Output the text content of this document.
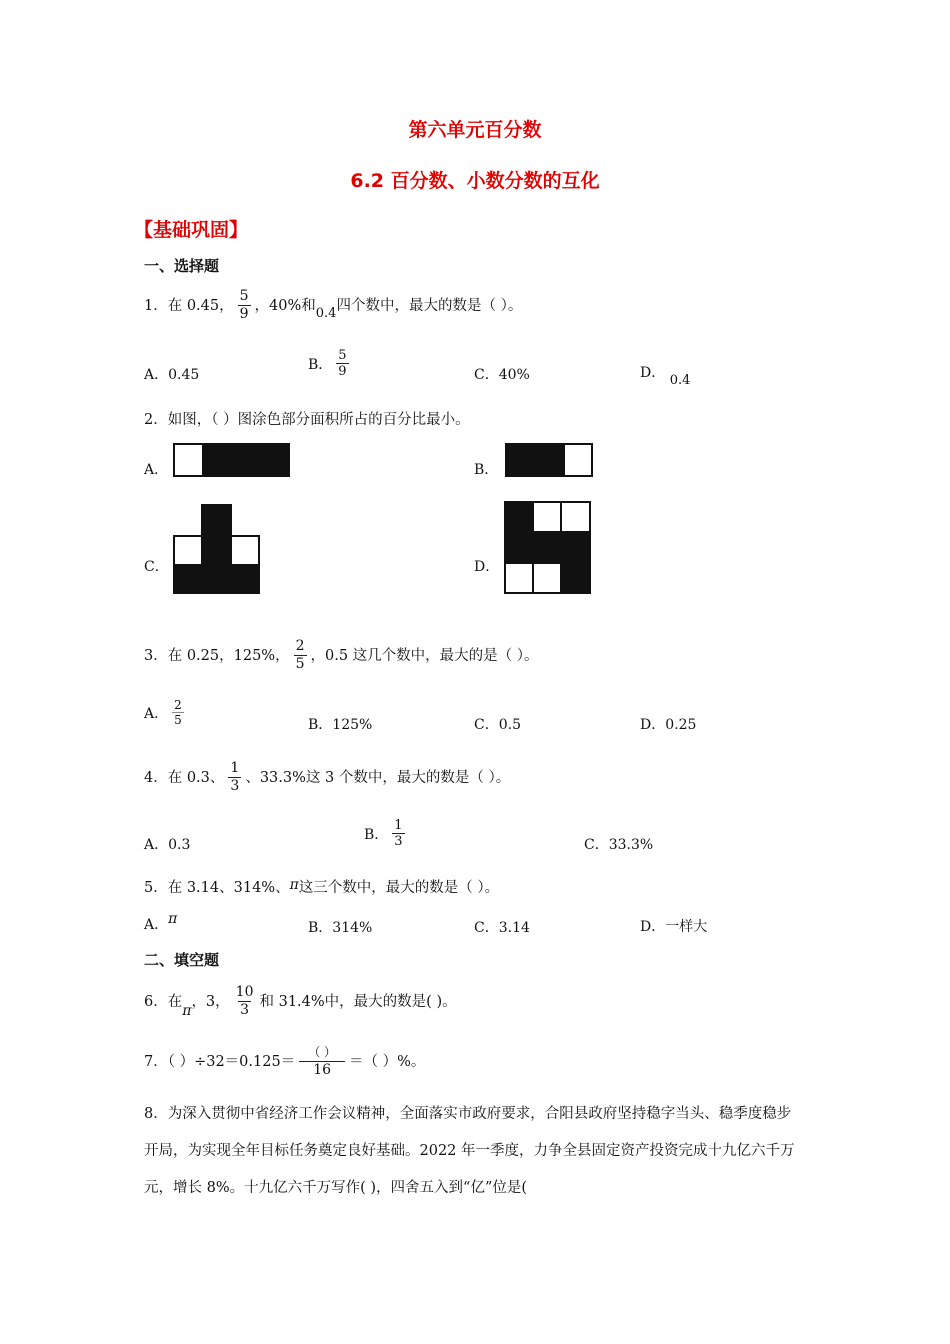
第六单元百分数
6.2 百分数、小数分数的互化
【基础巩固】
一、选择题
1．在 0.45， $\frac{5}{9}$ ，40%和 0.4 四个数中，最大的数是（ ）。
A．0.45
B． $\frac{5}{9}$	C．40%	D． 0.4
2．如图，（ ）图涂色部分面积所占的百分比最小。
A．	B．
C．	D．
3．在 0.25，125%， $\frac{2}{5}$ ，0.5 这几个数中，最大的是（ ）。
A． $\frac{2}{5}$	B．125%	C．0.5	D．0.25
4．在 0.3、 $\frac{1}{3}$ 、33.3%这 3 个数中，最大的数是（ ）。
A．0.3
B． $\frac{1}{3}$	C．33.3%
5．在 3.14、314%、π这三个数中，最大的数是（ ）。
A．π
B．314%	C．3.14	D．一样大
二、填空题
6．在
π
，3， $\frac{10}{3}$ 和 31.4%中，最大的数是( )。
7．（ ）$\div 32=0.125= \frac{( )}{16}$ ＝（ ）%。
8．为深入贯彻中省经济工作会议精神，全面落实市政府要求，合阳县政府坚持稳字当头、稳季度稳步开局，为实现全年目标任务奠定良好基础。2022 年一季度，力争全县固定资产投资完成十九亿六千万元，增长 8%。十九亿六千万写作( )，四舍五入到“亿”位是(
